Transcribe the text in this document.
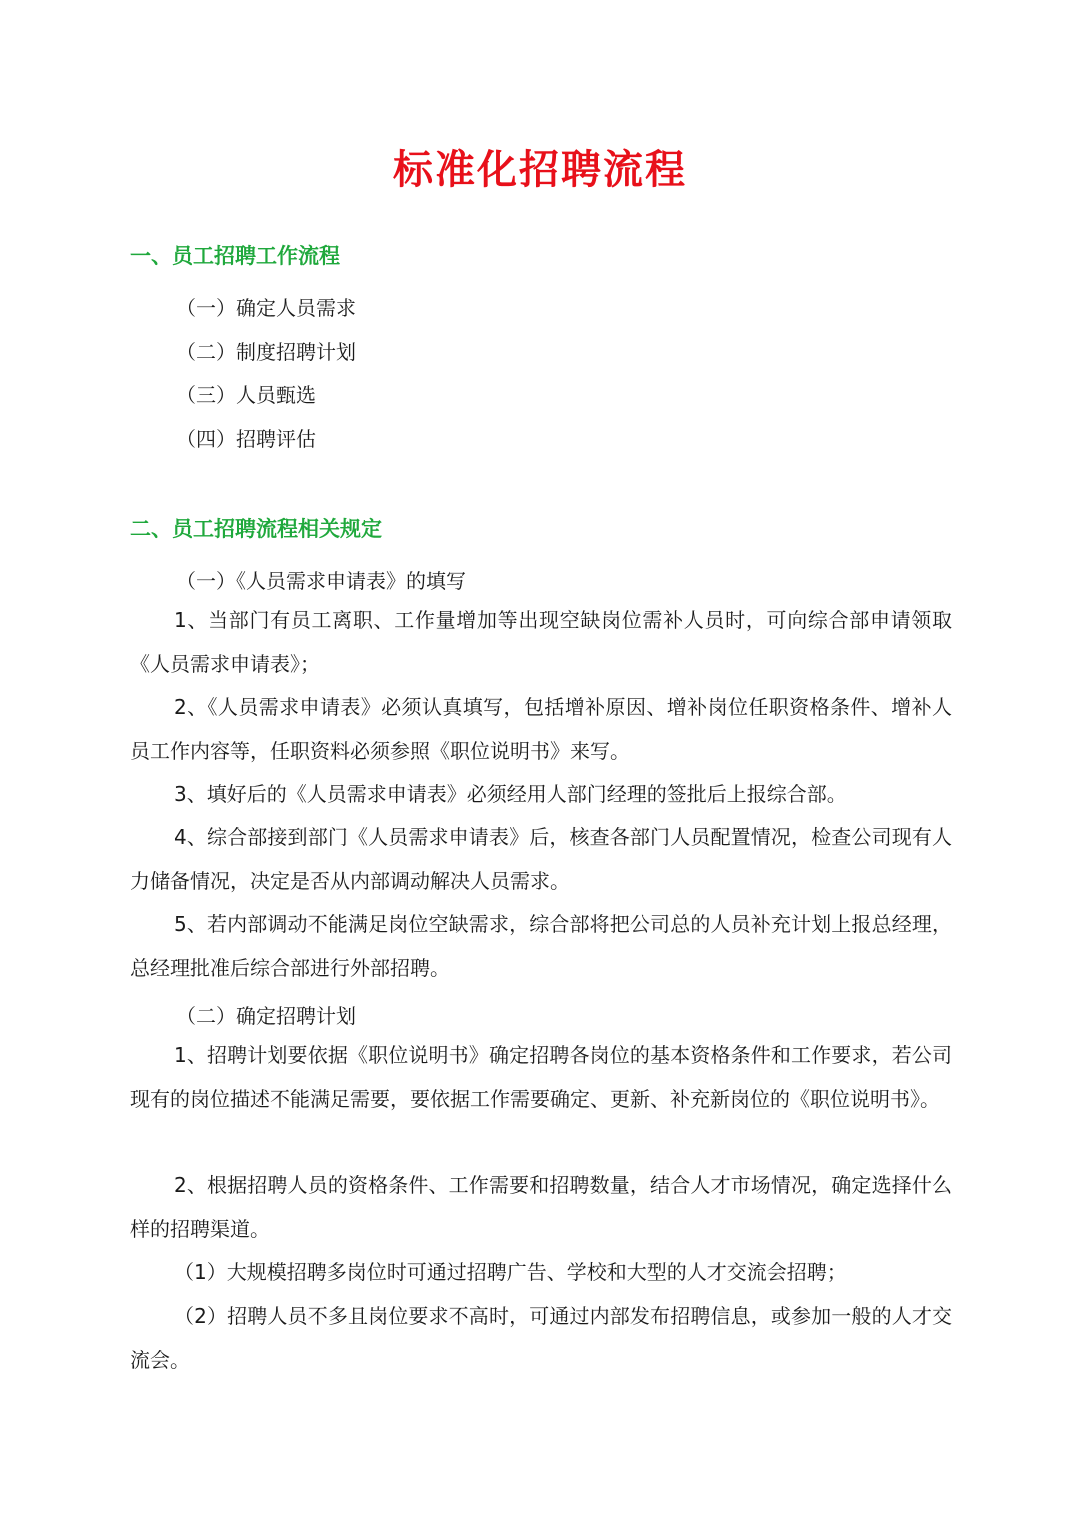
标准化招聘流程
一、员工招聘工作流程

（一）确定人员需求

（二）制度招聘计划

（三）人员甄选

（四）招聘评估

二、员工招聘流程相关规定

（一）《人员需求申请表》的填写

1、当部门有员工离职、工作量增加等出现空缺岗位需补人员时，可向综合部申请领取《人员需求申请表》；

2、《人员需求申请表》必须认真填写，包括增补原因、增补岗位任职资格条件、增补人员工作内容等，任职资料必须参照《职位说明书》来写。

3、填好后的《人员需求申请表》必须经用人部门经理的签批后上报综合部。

4、综合部接到部门《人员需求申请表》后，核查各部门人员配置情况，检查公司现有人力储备情况，决定是否从内部调动解决人员需求。

5、若内部调动不能满足岗位空缺需求，综合部将把公司总的人员补充计划上报总经理，总经理批准后综合部进行外部招聘。

（二）确定招聘计划

1、招聘计划要依据《职位说明书》确定招聘各岗位的基本资格条件和工作要求，若公司现有的岗位描述不能满足需要，要依据工作需要确定、更新、补充新岗位的《职位说明书》。

2、根据招聘人员的资格条件、工作需要和招聘数量，结合人才市场情况，确定选择什么样的招聘渠道。

（1）大规模招聘多岗位时可通过招聘广告、学校和大型的人才交流会招聘；

（2）招聘人员不多且岗位要求不高时，可通过内部发布招聘信息，或参加一般的人才交流会。
